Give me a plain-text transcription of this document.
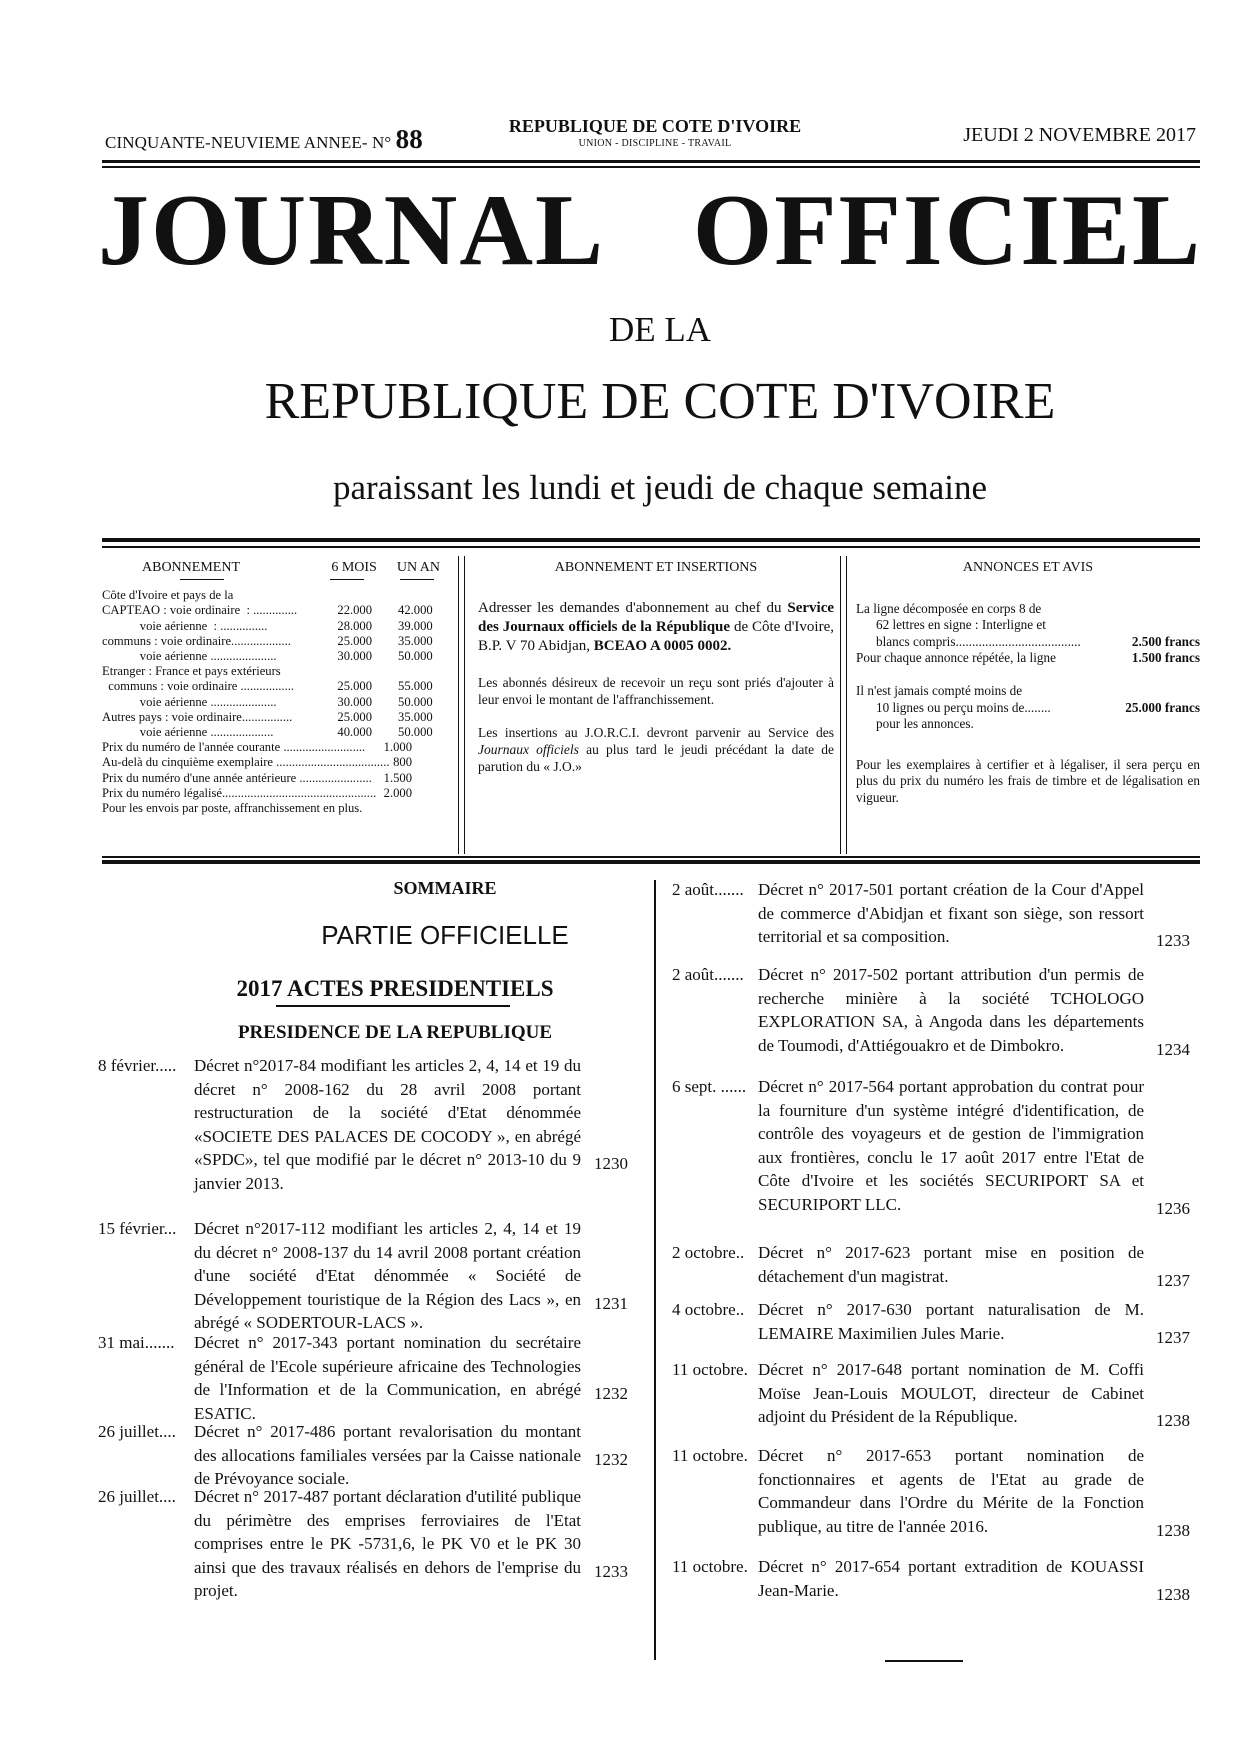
CINQUANTE-NEUVIEME ANNEE- N° 88	REPUBLIQUE DE COTE D'IVOIRE
UNION - DISCIPLINE - TRAVAIL	JEUDI 2 NOVEMBRE 2017
JOURNAL OFFICIEL
DE LA
REPUBLIQUE DE COTE D'IVOIRE
paraissant les lundi et jeudi de chaque semaine
ABONNEMENT	6 MOIS UN AN
Côte d'Ivoire et pays de la		
CAPTEAO : voie ordinaire  : ..............	22.000	42.000
voie aérienne  : ...............	28.000	39.000
communs : voie ordinaire...................	25.000	35.000
voie aérienne .....................	30.000	50.000
Etranger : France et pays extérieurs		
communs : voie ordinaire .................	25.000	55.000
voie aérienne .....................	30.000	50.000
Autres pays : voie ordinaire................	25.000	35.000
voie aérienne ....................	40.000	50.000
Prix du numéro de l'année courante ..........................	1.000
Au-delà du cinquième exemplaire .................................... 800
Prix du numéro d'une année antérieure ....................... 1.500
Prix du numéro légalisé................................................. 2.000
Pour les envois par poste, affranchissement en plus.
ABONNEMENT ET INSERTIONS

Adresser les demandes d'abonnement au chef du Service des Journaux officiels de la République de Côte d'Ivoire, B.P. V 70 Abidjan, BCEAO A 0005 0002.

Les abonnés désireux de recevoir un reçu sont priés d'ajouter à leur envoi le montant de l'affranchissement.

Les insertions au J.O.R.C.I. devront parvenir au Service des Journaux officiels au plus tard le jeudi précédant la date de parution du « J.O.»

ANNONCES ET AVIS
La ligne décomposée en corps 8 de
62 lettres en signe : Interligne et
blancs compris......................................	2.500 francs
Pour chaque annonce répétée, la ligne	1.500 francs
Il n'est jamais compté moins de
10 lignes ou perçu moins de........	25.000 francs
pour les annonces.

Pour les exemplaires à certifier et à légaliser, il sera perçu en plus du prix du numéro les frais de timbre et de légalisation en vigueur.

SOMMAIRE
PARTIE OFFICIELLE
2017 ACTES PRESIDENTIELS
PRESIDENCE DE LA REPUBLIQUE
8 février..... Décret n°2017-84 modifiant les articles 2, 4, 14 et 19 du décret n° 2008-162 du 28 avril 2008 portant restructuration de la société d'Etat dénommée «SOCIETE DES PALACES DE COCODY », en abrégé «SPDC», tel que modifié par le décret n° 2013-10 du 9 janvier 2013.
1230
15 février... Décret n°2017-112 modifiant les articles 2, 4, 14 et 19 du décret n° 2008-137 du 14 avril 2008 portant création d'une société d'Etat dénommée « Société de Développement touristique de la Région des Lacs », en abrégé « SODERTOUR-LACS ».
1231
31 mai....... Décret n° 2017-343 portant nomination du secrétaire général de l'Ecole supérieure africaine des Technologies de l'Information et de la Communication, en abrégé ESATIC.
1232
26 juillet.... Décret n° 2017-486 portant revalorisation du montant des allocations familiales versées par la Caisse nationale de Prévoyance sociale.
1232
26 juillet.... Décret n° 2017-487 portant déclaration d'utilité publique du périmètre des emprises ferroviaires de l'Etat comprises entre le PK -5731,6, le PK V0 et le PK 30 ainsi que des travaux réalisés en dehors de l'emprise du projet.
1233
2 août....... Décret n° 2017-501 portant création de la Cour d'Appel de commerce d'Abidjan et fixant son siège, son ressort territorial et sa composition.	1233
2 août....... Décret n° 2017-502 portant attribution d'un permis de recherche minière à la société TCHOLOGO EXPLORATION SA, à Angoda dans les départements de Toumodi, d'Attiégouakro et de Dimbokro.	1234
6 sept. ...... Décret n° 2017-564 portant approbation du contrat pour la fourniture d'un système intégré d'identification, de contrôle des voyageurs et de gestion de l'immigration aux frontières, conclu le 17 août 2017 entre l'Etat de Côte d'Ivoire et les sociétés SECURIPORT SA et SECURIPORT LLC.	1236
2 octobre.. Décret n° 2017-623 portant mise en position de détachement d'un magistrat.	1237
4 octobre.. Décret n° 2017-630 portant naturalisation de M. LEMAIRE Maximilien Jules Marie.	1237
11 octobre. Décret n° 2017-648 portant nomination de M. Coffi Moïse Jean-Louis MOULOT, directeur de Cabinet adjoint du Président de la République.	1238
11 octobre. Décret n° 2017-653 portant nomination de fonctionnaires et agents de l'Etat au grade de Commandeur dans l'Ordre du Mérite de la Fonction publique, au titre de l'année 2016.	1238
11 octobre. Décret n° 2017-654 portant extradition de KOUASSI Jean-Marie.	1238
